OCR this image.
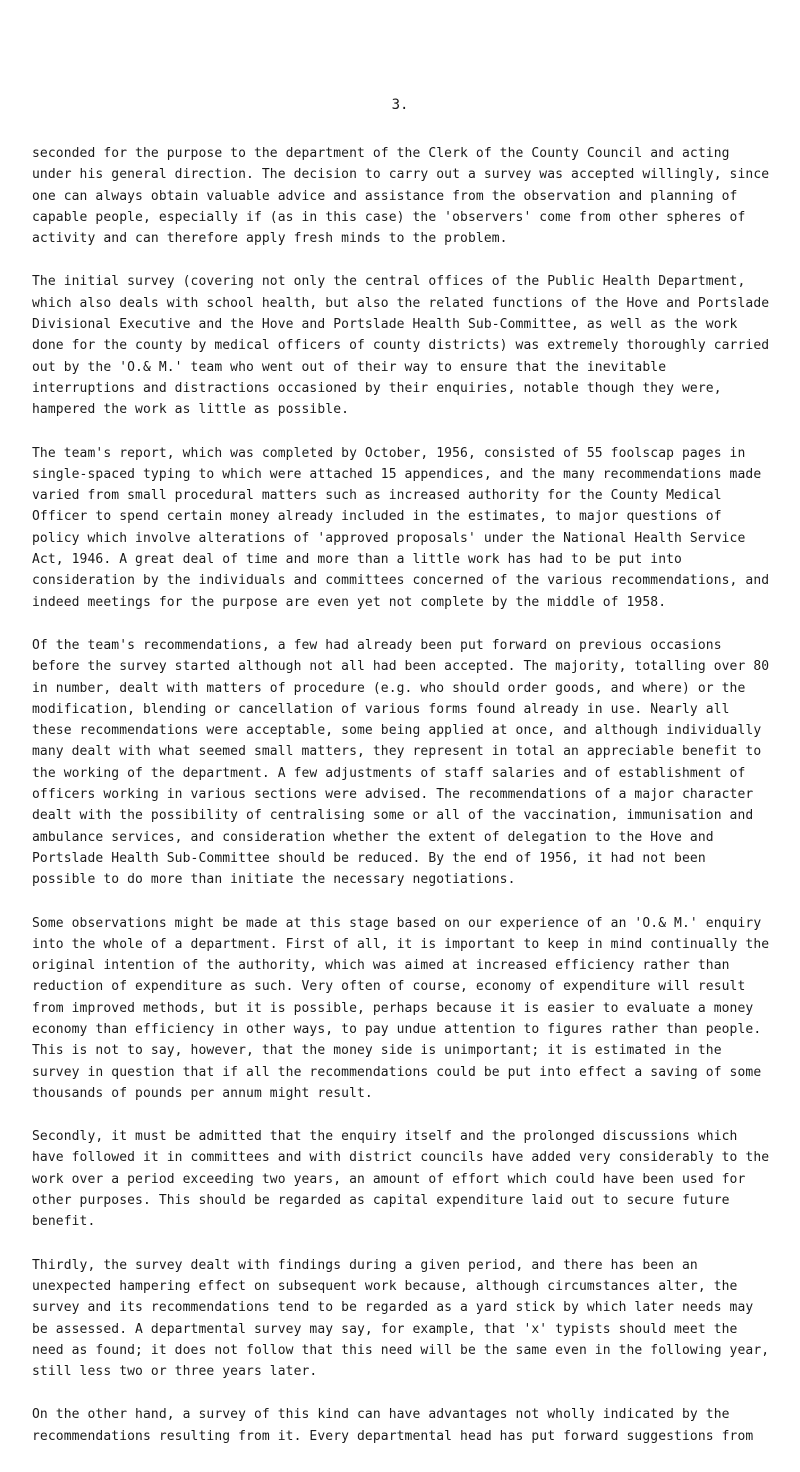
3.

seconded for the purpose to the department of the Clerk of the County Council and acting under his general direction. The decision to carry out a survey was accepted willingly, since one can always obtain valuable advice and assistance from the observation and planning of capable people, especially if (as in this case) the 'observers' come from other spheres of activity and can therefore apply fresh minds to the problem.

The initial survey (covering not only the central offices of the Public Health Department, which also deals with school health, but also the related functions of the Hove and Portslade Divisional Executive and the Hove and Portslade Health Sub-Committee, as well as the work done for the county by medical officers of county districts) was extremely thoroughly carried out by the 'O.& M.' team who went out of their way to ensure that the inevitable interruptions and distractions occasioned by their enquiries, notable though they were, hampered the work as little as possible.

The team's report, which was completed by October, 1956, consisted of 55 foolscap pages in single-spaced typing to which were attached 15 appendices, and the many recommendations made varied from small procedural matters such as increased authority for the County Medical Officer to spend certain money already included in the estimates, to major questions of policy which involve alterations of 'approved proposals' under the National Health Service Act, 1946. A great deal of time and more than a little work has had to be put into consideration by the individuals and committees concerned of the various recommendations, and indeed meetings for the purpose are even yet not complete by the middle of 1958.

Of the team's recommendations, a few had already been put forward on previous occasions before the survey started although not all had been accepted. The majority, totalling over 80 in number, dealt with matters of procedure (e.g. who should order goods, and where) or the modification, blending or cancellation of various forms found already in use. Nearly all these recommendations were acceptable, some being applied at once, and although individually many dealt with what seemed small matters, they represent in total an appreciable benefit to the working of the department. A few adjustments of staff salaries and of establishment of officers working in various sections were advised. The recommendations of a major character dealt with the possibility of centralising some or all of the vaccination, immunisation and ambulance services, and consideration whether the extent of delegation to the Hove and Portslade Health Sub-Committee should be reduced. By the end of 1956, it had not been possible to do more than initiate the necessary negotiations.

Some observations might be made at this stage based on our experience of an 'O.& M.' enquiry into the whole of a department. First of all, it is important to keep in mind continually the original intention of the authority, which was aimed at increased efficiency rather than reduction of expenditure as such. Very often of course, economy of expenditure will result from improved methods, but it is possible, perhaps because it is easier to evaluate a money economy than efficiency in other ways, to pay undue attention to figures rather than people. This is not to say, however, that the money side is unimportant; it is estimated in the survey in question that if all the recommendations could be put into effect a saving of some thousands of pounds per annum might result.

Secondly, it must be admitted that the enquiry itself and the prolonged discussions which have followed it in committees and with district councils have added very considerably to the work over a period exceeding two years, an amount of effort which could have been used for other purposes. This should be regarded as capital expenditure laid out to secure future benefit.

Thirdly, the survey dealt with findings during a given period, and there has been an unexpected hampering effect on subsequent work because, although circumstances alter, the survey and its recommendations tend to be regarded as a yard stick by which later needs may be assessed. A departmental survey may say, for example, that 'x' typists should meet the need as found; it does not follow that this need will be the same even in the following year, still less two or three years later.

On the other hand, a survey of this kind can have advantages not wholly indicated by the recommendations resulting from it. Every departmental head has put forward suggestions from
